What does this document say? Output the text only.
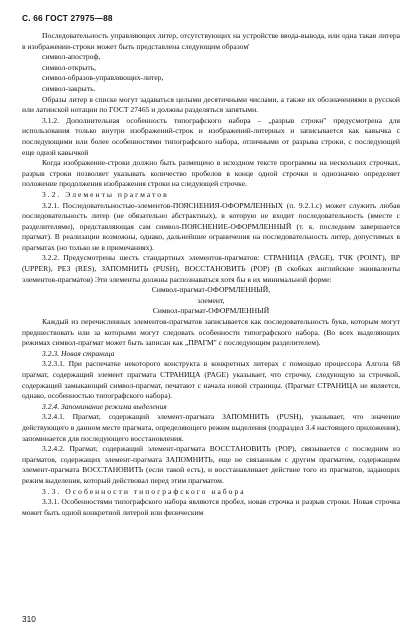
С. 66 ГОСТ 27975—88

Последовательность управляющих литер, отсутствующих на устройстве ввода-вывода, или одна такая литера в изображении-строки может быть представлена следующим образом'

символ-апостроф,

символ-открыть,

символ-образов-управляющих-литер,

символ-закрыть.

Образы литер в списке могут задаваться целыми десятичными числами, а также их обозначениями в русской или латинской нотации по ГОСТ 27465 и должны разделяться запятыми.

3.1.2. Дополнительная особенность типографского набора – „разрыв строки" предусмотрена для использования только внутри изображений-строк и изображений-литерных и записывается как кавычка с последующими или более особенностями типографского набора, отличными от разрыва строки, с последующей еще одной кавычкой

Когда изображение-строки должно быть размещено в исходном тексте программы на нескольких строчках, разрыв строки позволяет указывать количество пробелов в конце одной строчки и однозначно определяет положение продолжения изображения строки на следующей строчке.

3.2. Элементы прагматов

3.2.1. Последовательностью-элементов-ПОЯСНЕНИЯ-ОФОРМЛЕННЫХ (п. 9.2.1.с) может служить любая последовательность литер (не обязательно абстрактных), в которую не входит последовательность (вместе с разделителями), представляющая сам символ-ПОЯСНЕНИЕ-ОФОРМЛЕННЫЙ (т. к. последним завершается прагмат). В реализации возможны, однако, дальнейшие ограничения на последовательность литер, допустимых в прагматах (но только не в примечаниях).

3.2.2. Предусмотрены шесть стандартных элементов-прагматов: СТРАНИЦА (PAGE), ТЧК (POINT), ВР (UPPER), РЕЗ (RES), ЗАПОМНИТЬ (PUSH), ВОССТАНОВИТЬ (POP) (В скобках английские эквиваленты элементов-прагматов) Эти элементы должны распознаваться хотя бы в их минимальной форме:

Символ-прагмат-ОФОРМЛЕННЫЙ,

элемент,

Символ-прагмат-ОФОРМЛЕННЫЙ

Каждый из перечисленных элементов-прагматов записывается как последовательность букв, которым могут предшествовать или за которыми могут следовать особенности типографского набора. (Во всех выделяющих режимах символ-прагмат может быть записан как „ПРАГМ" с последующим разделителем).

3.2.3. Новая страница

3.2.3.1. При распечатке некоторого конструкта в конкретных литерах с помощью процессора Алгола 68 прагмат, содержащий элемент прагмата СТРАНИЦА (PAGE) указывает, что строчку, следующую за строчкой, содержащей замыкающий символ-прагмат, печатают с начала новой страницы. (Прагмат СТРАНИЦА не является, однако, особенностью типографского набора).

3.2.4. Запоминание режима выделения

3.2.4.1. Прагмат, содержащий элемент-прагмата ЗАПОМНИТЬ (PUSH), указывает, что значение действующего в данном месте прагмата, определяющего режим выделения (подраздел 3.4 настоящего приложения), запоминается для последующего восстановления.

3.2.4.2. Прагмат, содержащий элемент-прагмата ВОССТАНОВИТЬ (POP), связывается с последним из прагматов, содержащих элемент-прагмата ЗАПОМНИТЬ, еще не связанным с другим прагматом, содержащим элемент-прагмата ВОССТАНОВИТЬ (если такой есть), и восстанавливает действие того из прагматов, задающих режим выделения, который действовал перед этим прагматом.

3.3. Особенности типографского набора

3.3.1. Особенностями типографского набора являются пробел, новая строчка и разрыв строки. Новая строчка может быть одной конкретной литерой или физическим

310
